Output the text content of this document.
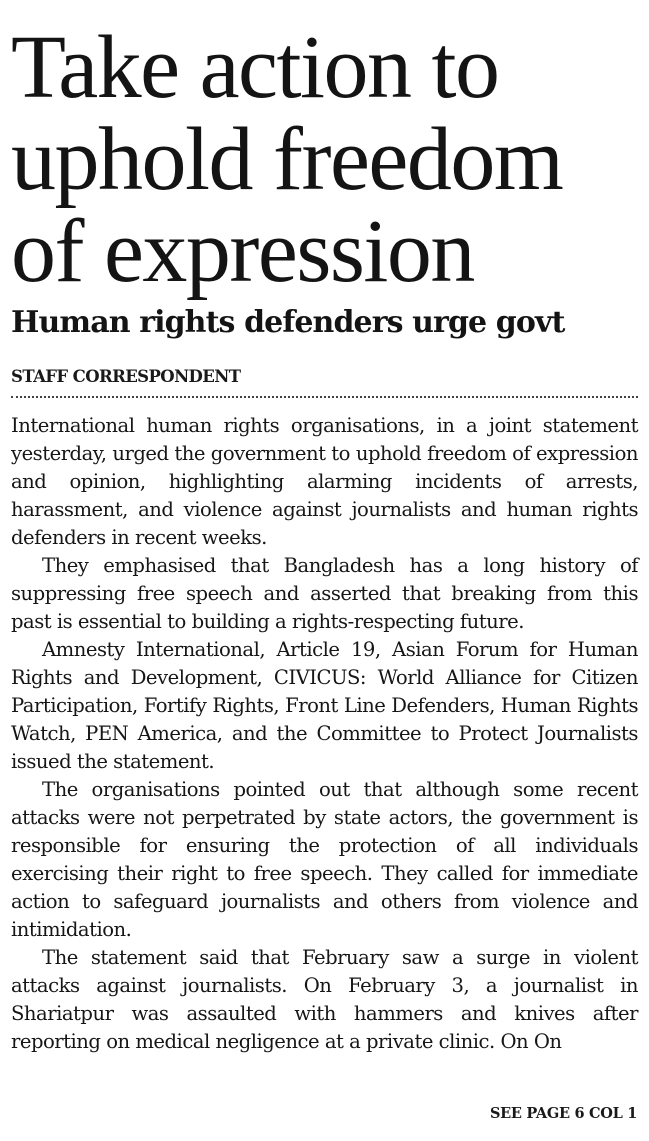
Take action to
uphold freedom
of expression
Human rights defenders urge govt
STAFF CORRESPONDENT

International human rights organisations, in a joint statement yesterday, urged the government to uphold freedom of expression and opinion, highlighting alarming incidents of arrests, harassment, and violence against journalists and human rights defenders in recent weeks.

They emphasised that Bangladesh has a long history of suppressing free speech and asserted that breaking from this past is essential to building a rights-respecting future.

Amnesty International, Article 19, Asian Forum for Human Rights and Development, CIVICUS: World Alliance for Citizen Participation, Fortify Rights, Front Line Defenders, Human Rights Watch, PEN America, and the Committee to Protect Journalists issued the statement.

The organisations pointed out that although some recent attacks were not perpetrated by state actors, the government is responsible for ensuring the protection of all individuals exercising their right to free speech. They called for immediate action to safeguard journalists and others from violence and intimidation.

The statement said that February saw a surge in violent attacks against journalists. On February 3, a journalist in Shariatpur was assaulted with hammers and knives after reporting on medical negligence at a private clinic. On On

SEE PAGE 6 COL 1
